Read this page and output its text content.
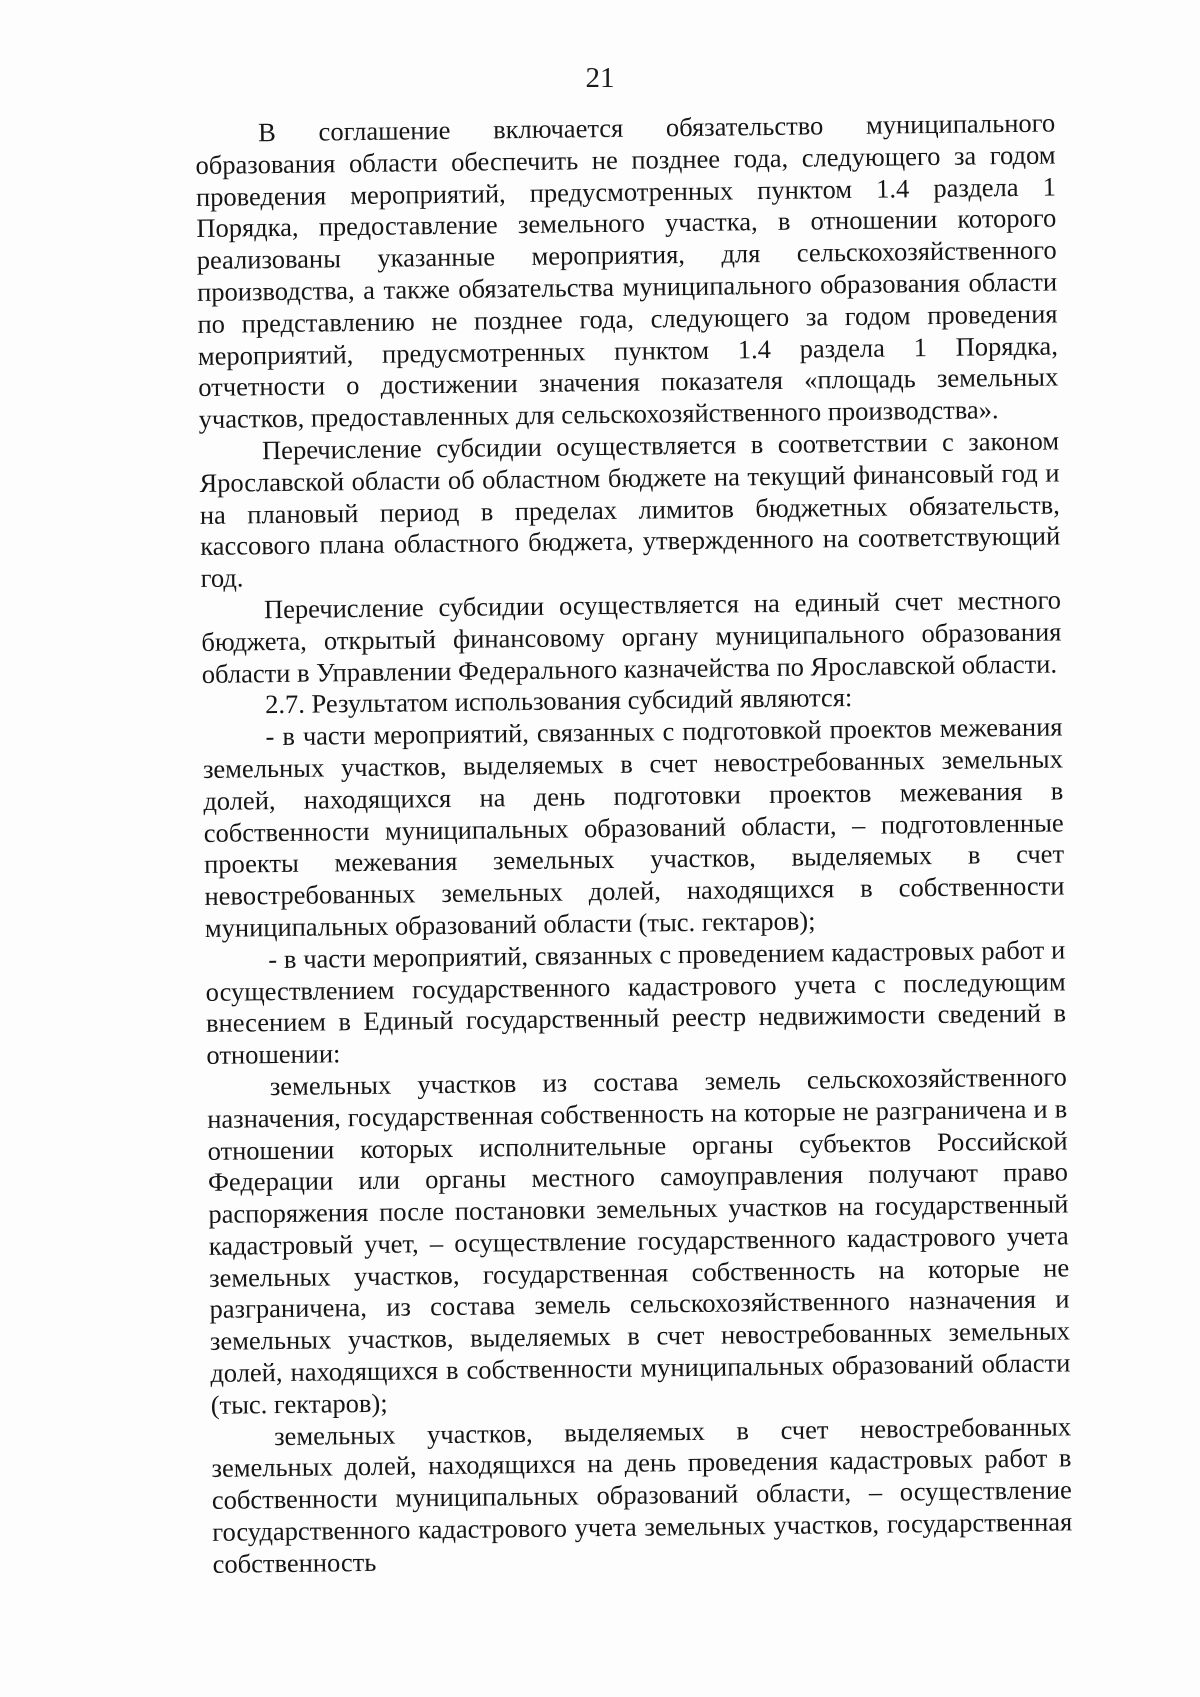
21

В соглашение включается обязательство муниципального образования области обеспечить не позднее года, следующего за годом проведения мероприятий, предусмотренных пунктом 1.4 раздела 1 Порядка, предоставление земельного участка, в отношении которого реализованы указанные мероприятия, для сельскохозяйственного производства, а также обязательства муниципального образования области по представлению не позднее года, следующего за годом проведения мероприятий, предусмотренных пунктом 1.4 раздела 1 Порядка, отчетности о достижении значения показателя «площадь земельных участков, предоставленных для сельскохозяйственного производства».

Перечисление субсидии осуществляется в соответствии с законом Ярославской области об областном бюджете на текущий финансовый год и на плановый период в пределах лимитов бюджетных обязательств, кассового плана областного бюджета, утвержденного на соответствующий год.

Перечисление субсидии осуществляется на единый счет местного бюджета, открытый финансовому органу муниципального образования области в Управлении Федерального казначейства по Ярославской области.

2.7. Результатом использования субсидий являются:

- в части мероприятий, связанных с подготовкой проектов межевания земельных участков, выделяемых в счет невостребованных земельных долей, находящихся на день подготовки проектов межевания в собственности муниципальных образований области, – подготовленные проекты межевания земельных участков, выделяемых в счет невостребованных земельных долей, находящихся в собственности муниципальных образований области (тыс. гектаров);

- в части мероприятий, связанных с проведением кадастровых работ и осуществлением государственного кадастрового учета с последующим внесением в Единый государственный реестр недвижимости сведений в отношении:

земельных участков из состава земель сельскохозяйственного назначения, государственная собственность на которые не разграничена и в отношении которых исполнительные органы субъектов Российской Федерации или органы местного самоуправления получают право распоряжения после постановки земельных участков на государственный кадастровый учет, – осуществление государственного кадастрового учета земельных участков, государственная собственность на которые не разграничена, из состава земель сельскохозяйственного назначения и земельных участков, выделяемых в счет невостребованных земельных долей, находящихся в собственности муниципальных образований области (тыс. гектаров);

земельных участков, выделяемых в счет невостребованных земельных долей, находящихся на день проведения кадастровых работ в собственности муниципальных образований области, – осуществление государственного кадастрового учета земельных участков, государственная собственность
